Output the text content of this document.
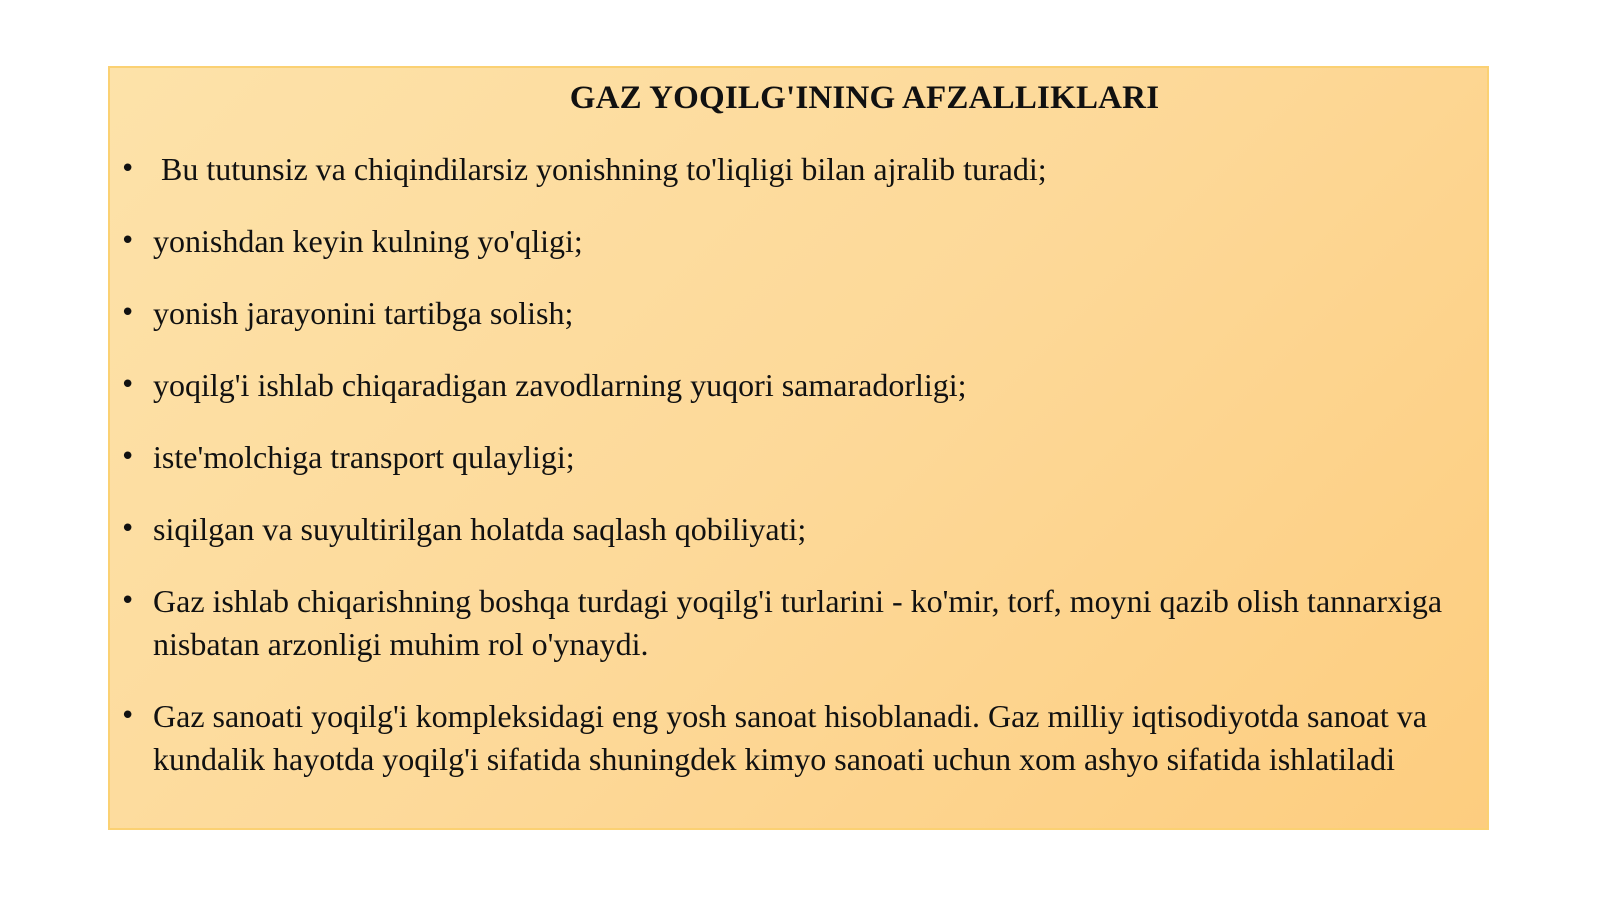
GAZ YOQILG'INING AFZALLIKLARI
• Bu tutunsiz va chiqindilarsiz yonishning to'liqligi bilan ajralib turadi;
• yonishdan keyin kulning yo'qligi;
• yonish jarayonini tartibga solish;
• yoqilg'i ishlab chiqaradigan zavodlarning yuqori samaradorligi;
• iste'molchiga transport qulayligi;
• siqilgan va suyultirilgan holatda saqlash qobiliyati;
• Gaz ishlab chiqarishning boshqa turdagi yoqilg'i turlarini - ko'mir, torf, moyni qazib olish tannarxiga nisbatan arzonligi muhim rol o'ynaydi.
• Gaz sanoati yoqilg'i kompleksidagi eng yosh sanoat hisoblanadi. Gaz milliy iqtisodiyotda sanoat va kundalik hayotda yoqilg'i sifatida shuningdek kimyo sanoati uchun xom ashyo sifatida ishlatiladi
